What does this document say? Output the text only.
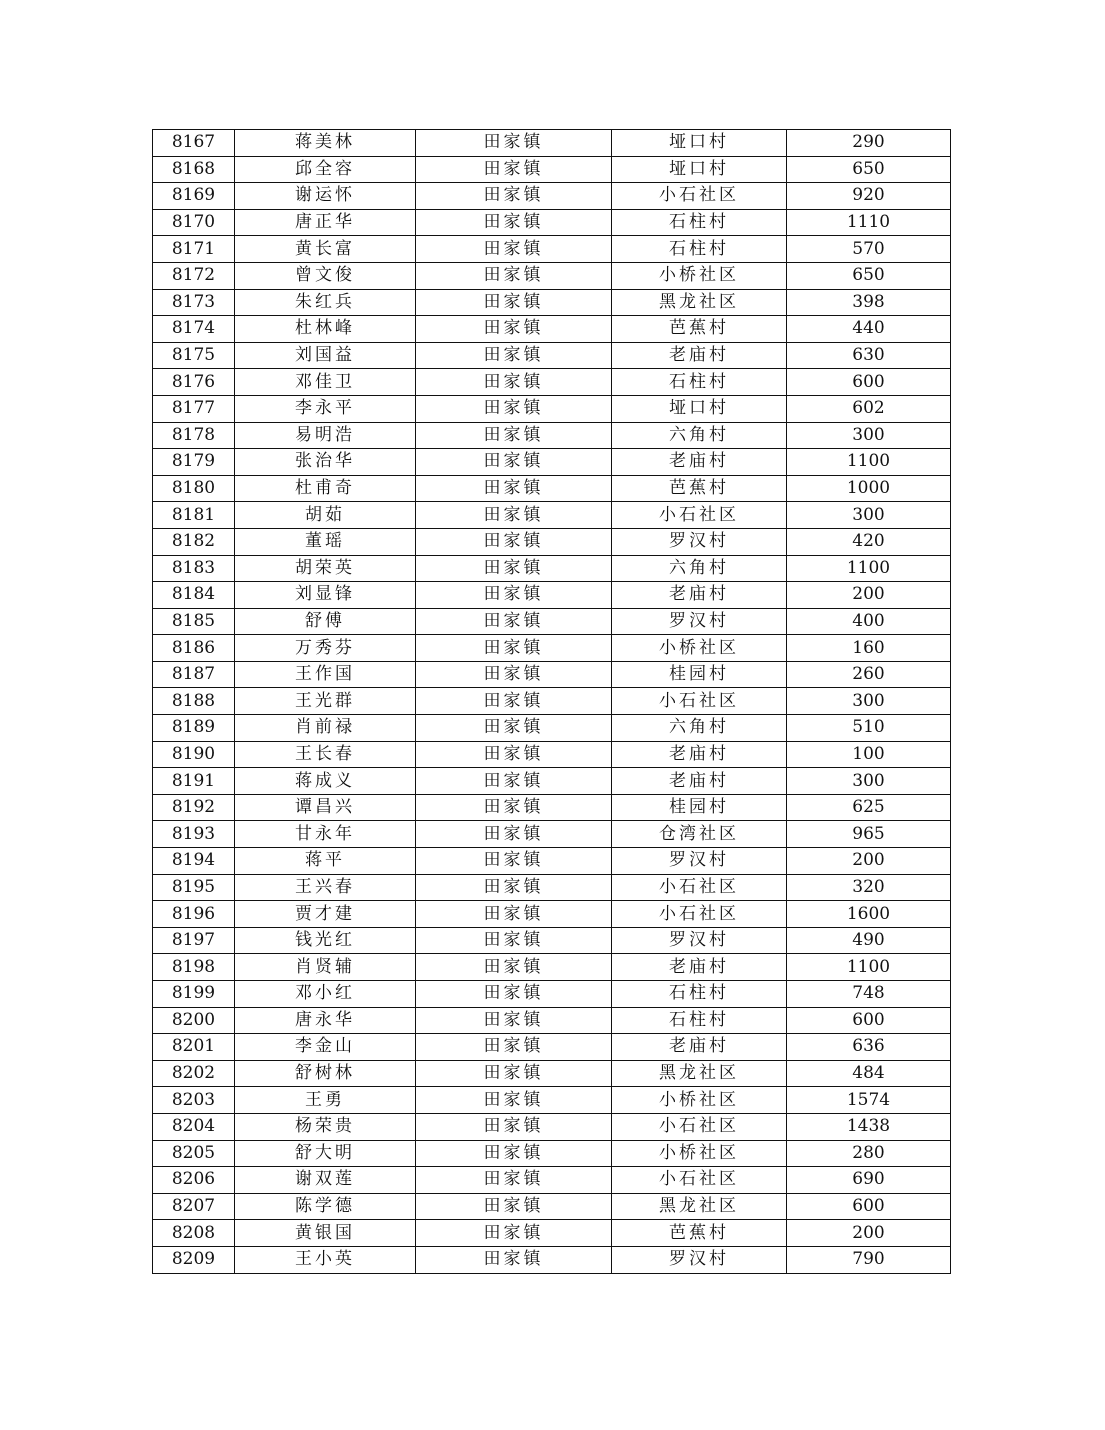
8167	蒋美林	田家镇	垭口村	290
8168	邱全容	田家镇	垭口村	650
8169	谢运怀	田家镇	小石社区	920
8170	唐正华	田家镇	石柱村	1110
8171	黄长富	田家镇	石柱村	570
8172	曾文俊	田家镇	小桥社区	650
8173	朱红兵	田家镇	黑龙社区	398
8174	杜林峰	田家镇	芭蕉村	440
8175	刘国益	田家镇	老庙村	630
8176	邓佳卫	田家镇	石柱村	600
8177	李永平	田家镇	垭口村	602
8178	易明浩	田家镇	六角村	300
8179	张治华	田家镇	老庙村	1100
8180	杜甫奇	田家镇	芭蕉村	1000
8181	胡茹	田家镇	小石社区	300
8182	董瑶	田家镇	罗汉村	420
8183	胡荣英	田家镇	六角村	1100
8184	刘显锋	田家镇	老庙村	200
8185	舒傅	田家镇	罗汉村	400
8186	万秀芬	田家镇	小桥社区	160
8187	王作国	田家镇	桂园村	260
8188	王光群	田家镇	小石社区	300
8189	肖前禄	田家镇	六角村	510
8190	王长春	田家镇	老庙村	100
8191	蒋成义	田家镇	老庙村	300
8192	谭昌兴	田家镇	桂园村	625
8193	甘永年	田家镇	仓湾社区	965
8194	蒋平	田家镇	罗汉村	200
8195	王兴春	田家镇	小石社区	320
8196	贾才建	田家镇	小石社区	1600
8197	钱光红	田家镇	罗汉村	490
8198	肖贤辅	田家镇	老庙村	1100
8199	邓小红	田家镇	石柱村	748
8200	唐永华	田家镇	石柱村	600
8201	李金山	田家镇	老庙村	636
8202	舒树林	田家镇	黑龙社区	484
8203	王勇	田家镇	小桥社区	1574
8204	杨荣贵	田家镇	小石社区	1438
8205	舒大明	田家镇	小桥社区	280
8206	谢双莲	田家镇	小石社区	690
8207	陈学德	田家镇	黑龙社区	600
8208	黄银国	田家镇	芭蕉村	200
8209	王小英	田家镇	罗汉村	790
